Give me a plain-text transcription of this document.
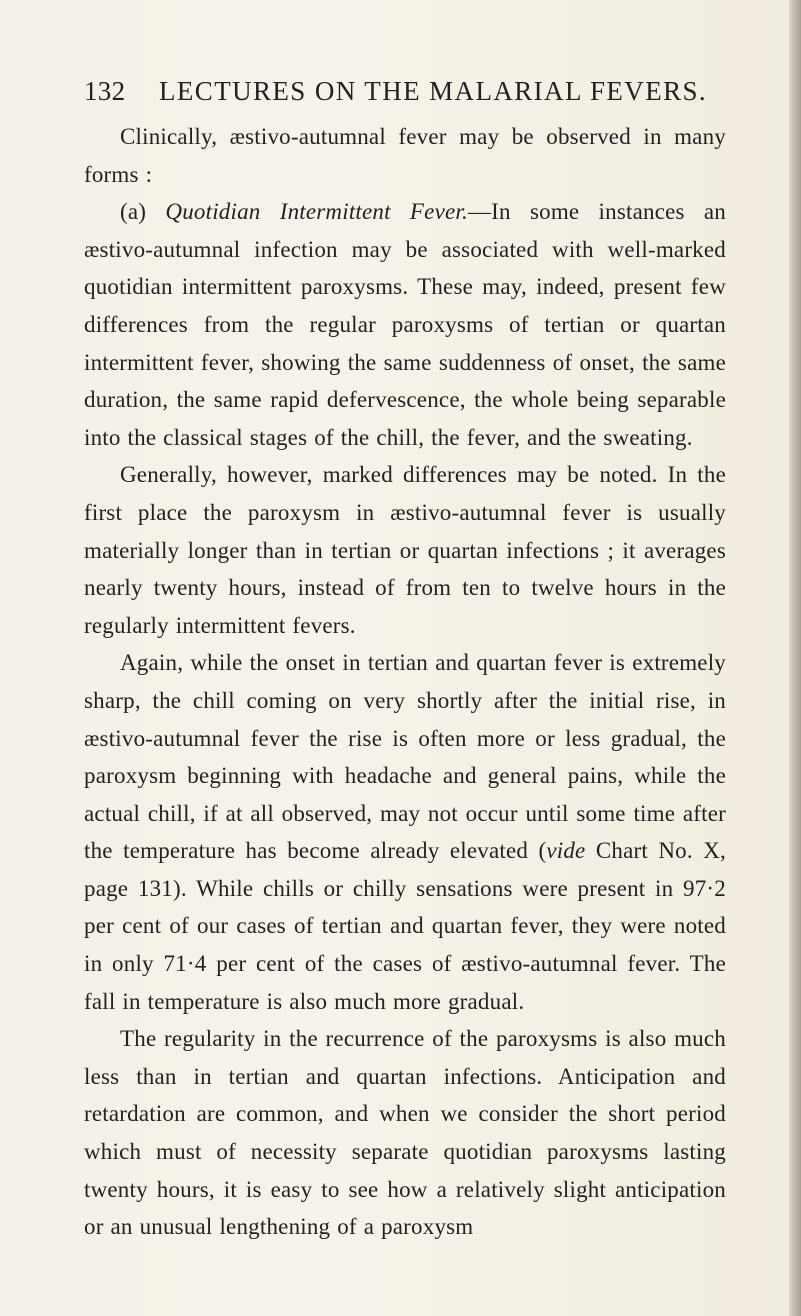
132 LECTURES ON THE MALARIAL FEVERS.

Clinically, æstivo-autumnal fever may be observed in many forms :

(a) Quotidian Intermittent Fever.—In some instances an æstivo-autumnal infection may be associated with well-marked quotidian intermittent paroxysms. These may, indeed, present few differences from the regular paroxysms of tertian or quartan intermittent fever, showing the same suddenness of onset, the same duration, the same rapid defervescence, the whole being separable into the classical stages of the chill, the fever, and the sweating.

Generally, however, marked differences may be noted. In the first place the paroxysm in æstivo-autumnal fever is usually materially longer than in tertian or quartan infections ; it averages nearly twenty hours, instead of from ten to twelve hours in the regularly intermittent fevers.

Again, while the onset in tertian and quartan fever is extremely sharp, the chill coming on very shortly after the initial rise, in æstivo-autumnal fever the rise is often more or less gradual, the paroxysm beginning with headache and general pains, while the actual chill, if at all observed, may not occur until some time after the temperature has become already elevated (vide Chart No. X, page 131). While chills or chilly sensations were present in 97·2 per cent of our cases of tertian and quartan fever, they were noted in only 71·4 per cent of the cases of æstivo-autumnal fever. The fall in temperature is also much more gradual.

The regularity in the recurrence of the paroxysms is also much less than in tertian and quartan infections. Anticipation and retardation are common, and when we consider the short period which must of necessity separate quotidian paroxysms lasting twenty hours, it is easy to see how a relatively slight anticipation or an unusual lengthening of a paroxysm
